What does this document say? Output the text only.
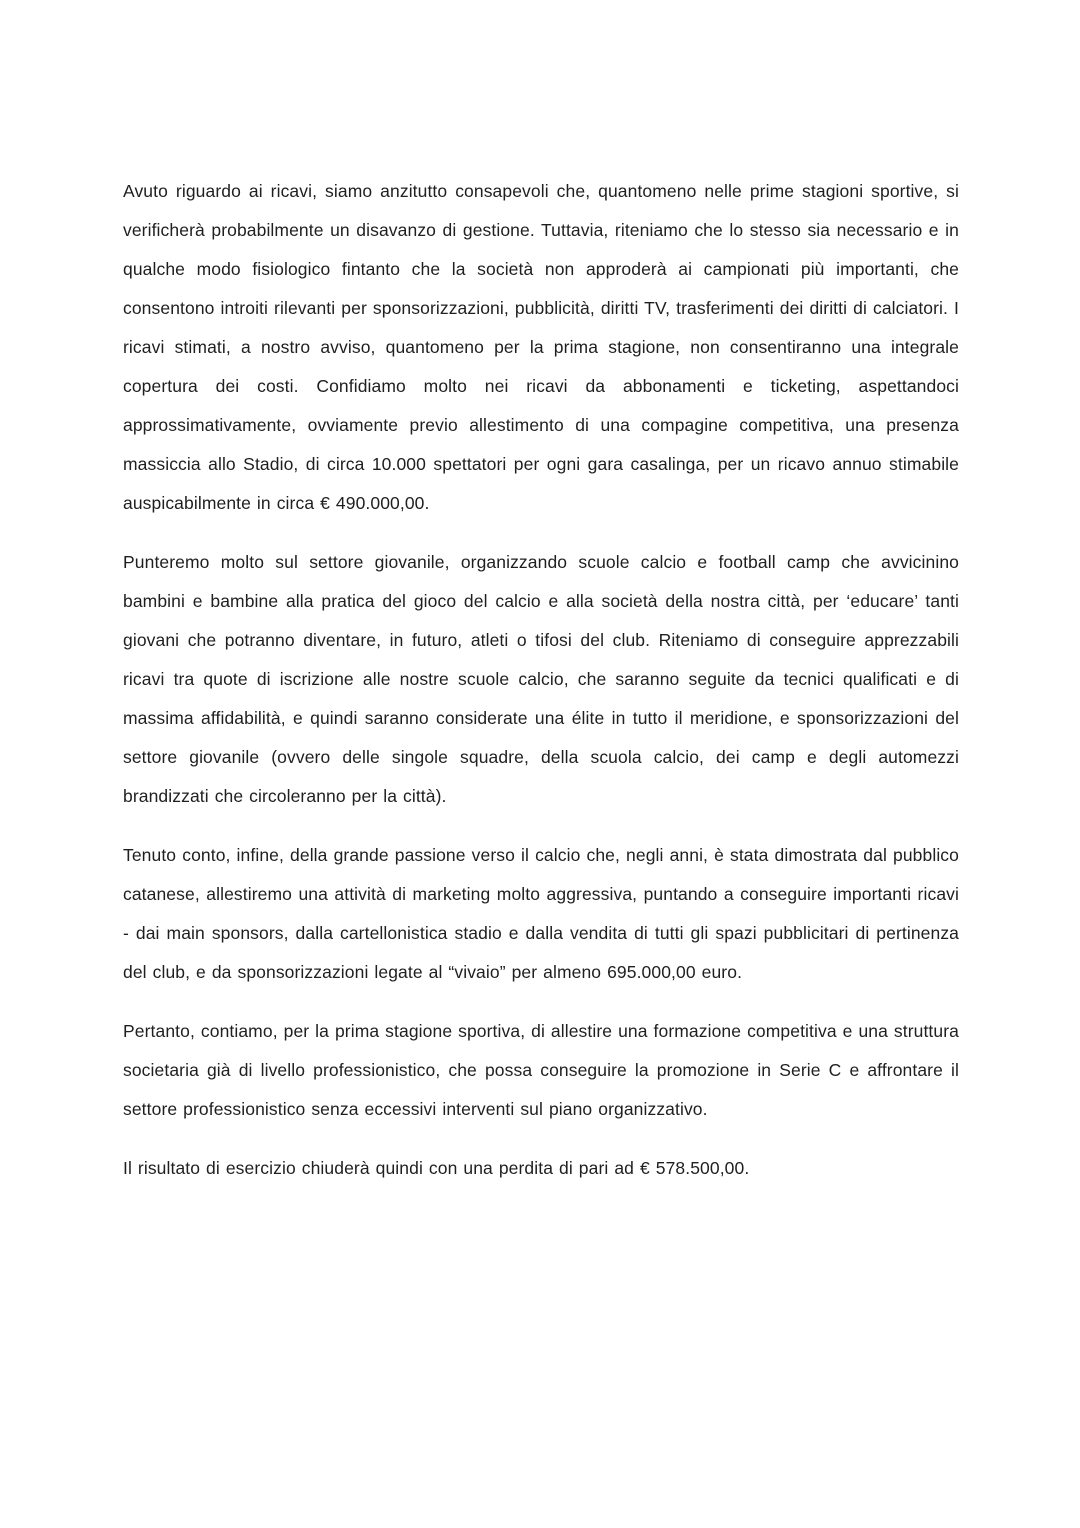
Avuto riguardo ai ricavi, siamo anzitutto consapevoli che, quantomeno nelle prime stagioni sportive, si verificherà probabilmente un disavanzo di gestione. Tuttavia, riteniamo che lo stesso sia necessario e in qualche modo fisiologico fintanto che la società non approderà ai campionati più importanti, che consentono introiti rilevanti per sponsorizzazioni, pubblicità, diritti TV, trasferimenti dei diritti di calciatori. I ricavi stimati, a nostro avviso, quantomeno per la prima stagione, non consentiranno una integrale copertura dei costi. Confidiamo molto nei ricavi da abbonamenti e ticketing, aspettandoci approssimativamente, ovviamente previo allestimento di una compagine competitiva, una presenza massiccia allo Stadio, di circa 10.000 spettatori per ogni gara casalinga, per un ricavo annuo stimabile auspicabilmente in circa € 490.000,00.

Punteremo molto sul settore giovanile, organizzando scuole calcio e football camp che avvicinino bambini e bambine alla pratica del gioco del calcio e alla società della nostra città, per ‘educare’ tanti giovani che potranno diventare, in futuro, atleti o tifosi del club. Riteniamo di conseguire apprezzabili ricavi tra quote di iscrizione alle nostre scuole calcio, che saranno seguite da tecnici qualificati e di massima affidabilità, e quindi saranno considerate una élite in tutto il meridione, e sponsorizzazioni del settore giovanile (ovvero delle singole squadre, della scuola calcio, dei camp e degli automezzi brandizzati che circoleranno per la città).

Tenuto conto, infine, della grande passione verso il calcio che, negli anni, è stata dimostrata dal pubblico catanese, allestiremo una attività di marketing molto aggressiva, puntando a conseguire importanti ricavi - dai main sponsors, dalla cartellonistica stadio e dalla vendita di tutti gli spazi pubblicitari di pertinenza del club, e da sponsorizzazioni legate al “vivaio” per almeno 695.000,00 euro.

Pertanto, contiamo, per la prima stagione sportiva, di allestire una formazione competitiva e una struttura societaria già di livello professionistico, che possa conseguire la promozione in Serie C e affrontare il settore professionistico senza eccessivi interventi sul piano organizzativo.

Il risultato di esercizio chiuderà quindi con una perdita di pari ad € 578.500,00.
